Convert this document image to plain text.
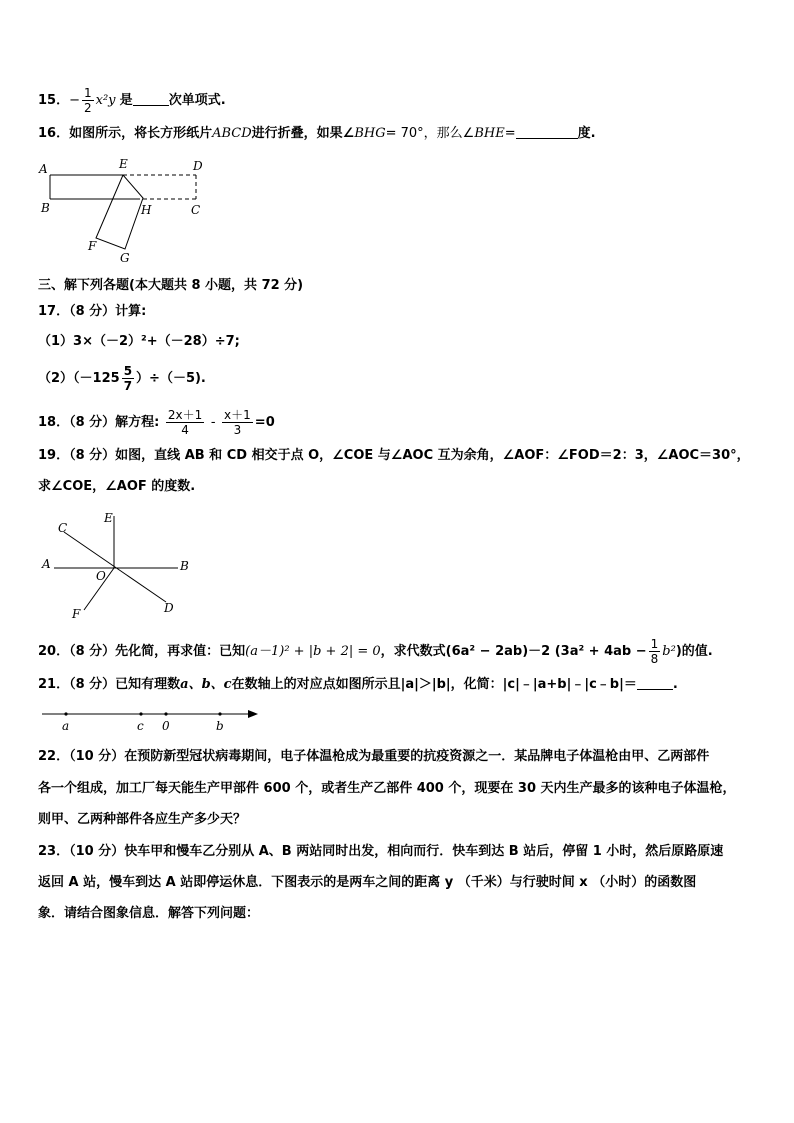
15．− $\frac{1}{2} x^2y$ 是	次单项式.
16．如图所示，将长方形纸片ABCD进行折叠，如果∠BHG= 70°，那么∠BHE=	度.
A
B
E	D
C
H
F
G
三、解下列各题(本大题共 8 小题，共 72 分)
17．（8 分）计算:
（1）3×（－2）²+（－28）÷7;
$(2)(-125 \frac{5}{7} )\div(-5)$.
18．（8 分）解方程: $\frac{2x+1}{4} - \frac{x+1}{3} =0$
19．（8 分）如图，直线 AB 和 CD 相交于点 O，∠COE 与∠AOC 互为余角，∠AOF：∠FOD＝2：3，∠AOC＝30°，
求∠COE，∠AOF 的度数.
C
E
A	B
O
D
F
20．（8 分）先化简，再求值：已知(a－1)² + |b + 2| = 0，求代数式(6a² − 2ab)－2 $(3a^2 + 4ab - \frac{1}{8} b^2)$的值.
21．（8 分）已知有理数a、b、c在数轴上的对应点如图所示且|a|＞|b|，化简：|c|﹣|a+b|﹣|c﹣b|＝	.
a	c 0	b
22．（10 分）在预防新型冠状病毒期间，电子体温枪成为最重要的抗疫资源之一．某品牌电子体温枪由甲、乙两部件
各一个组成，加工厂每天能生产甲部件 600 个，或者生产乙部件 400 个，现要在 30 天内生产最多的该种电子体温枪，
则甲、乙两种部件各应生产多少天？
23．（10 分）快车甲和慢车乙分别从 A、B 两站同时出发，相向而行．快车到达 B 站后，停留 1 小时，然后原路原速
返回 A 站，慢车到达 A 站即停运休息．下图表示的是两车之间的距离 y （千米）与行驶时间 x （小时）的函数图
象．请结合图象信息．解答下列问题：
